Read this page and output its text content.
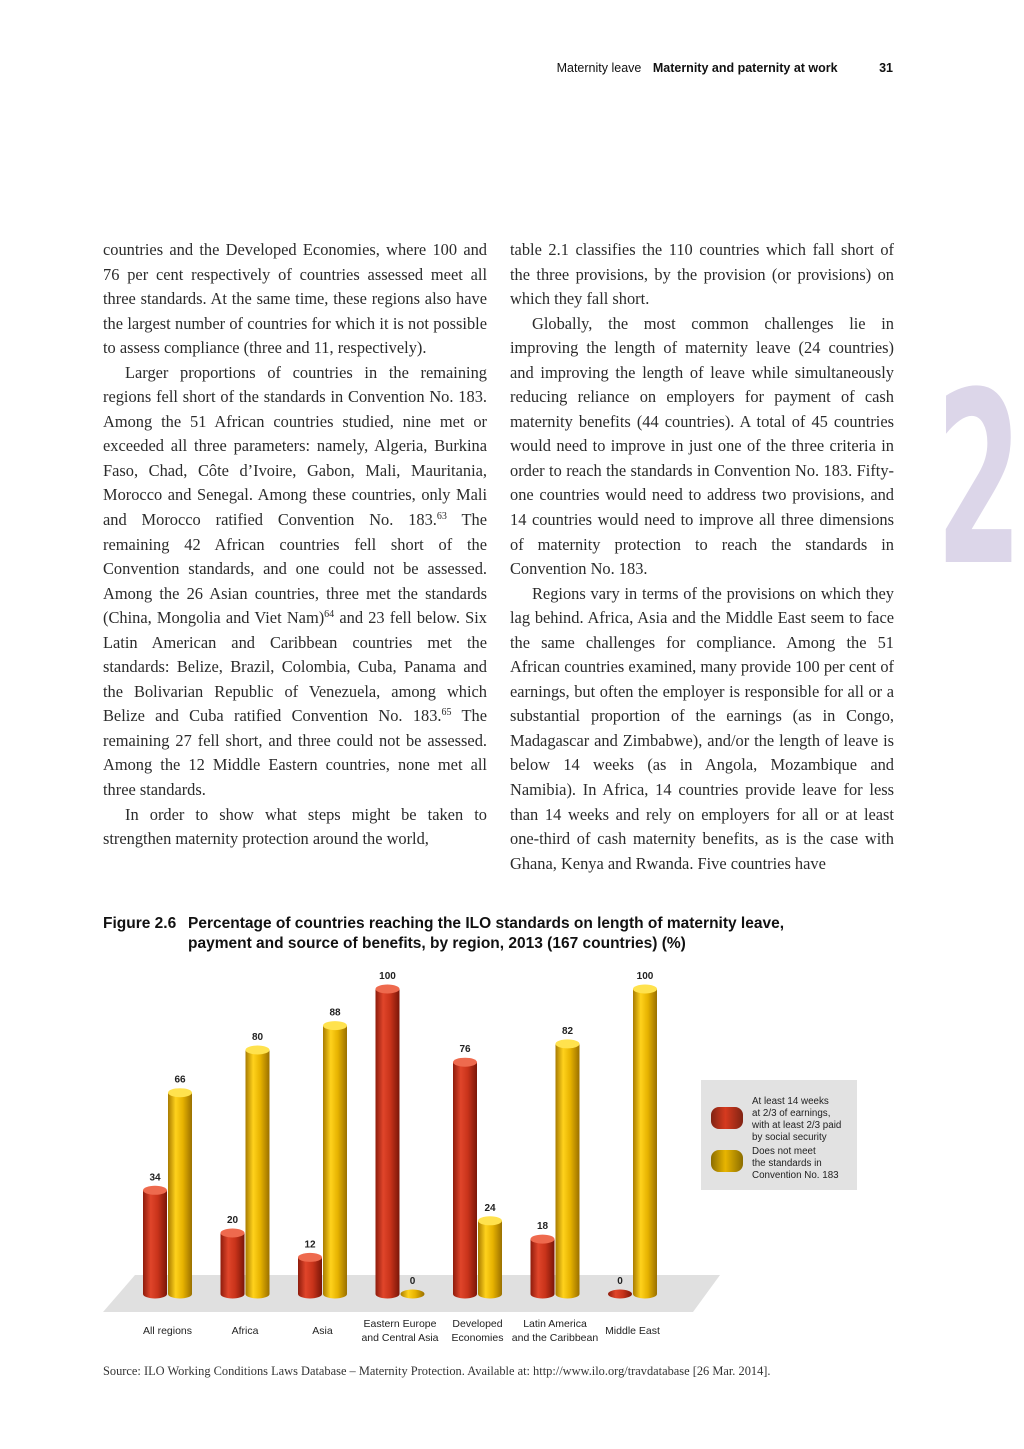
Maternity leave Maternity and paternity at work	31
2

countries and the Developed Economies, where 100 and 76 per cent respectively of countries assessed meet all three standards. At the same time, these regions also have the largest number of countries for which it is not possible to assess compliance (three and 11, respectively).

Larger proportions of countries in the remaining regions fell short of the standards in Convention No. 183. Among the 51 African countries studied, nine met or exceeded all three parameters: namely, Algeria, Burkina Faso, Chad, Côte d’Ivoire, Gabon, Mali, Mauritania, Morocco and Senegal. Among these countries, only Mali and Morocco ratified Convention No. 183.63 The remaining 42 African countries fell short of the Convention standards, and one could not be assessed. Among the 26 Asian countries, three met the standards (China, Mongolia and Viet Nam)$^{64}$ and 23 fell below. Six Latin American and Caribbean countries met the standards: Belize, Brazil, Colombia, Cuba, Panama and the Bolivarian Republic of Venezuela, among which Belize and Cuba ratified Convention No. 183.65 The remaining 27 fell short, and three could not be assessed. Among the 12 Middle Eastern countries, none met all three standards.

In order to show what steps might be taken to strengthen maternity protection around the world,

table 2.1 classifies the 110 countries which fall short of the three provisions, by the provision (or provisions) on which they fall short.

Globally, the most common challenges lie in improving the length of maternity leave (24 countries) and improving the length of leave while simultaneously reducing reliance on employers for payment of cash maternity benefits (44 countries). A total of 45 countries would need to improve in just one of the three criteria in order to reach the standards in Convention No. 183. Fifty-one countries would need to address two provisions, and 14 countries would need to improve all three dimensions of maternity protection to reach the standards in Convention No. 183.

Regions vary in terms of the provisions on which they lag behind. Africa, Asia and the Middle East seem to face the same challenges for compliance. Among the 51 African countries examined, many provide 100 per cent of earnings, but often the employer is responsible for all or a substantial proportion of the earnings (as in Congo, Madagascar and Zimbabwe), and/or the length of leave is below 14 weeks (as in Angola, Mozambique and Namibia). In Africa, 14 countries provide leave for less than 14 weeks and rely on employers for all or at least one-third of cash maternity benefits, as is the case with Ghana, Kenya and Rwanda. Five countries have

Figure 2.6 Percentage of countries reaching the ILO standards on length of maternity leave, payment and source of benefits, by region, 2013 (167 countries) (%)
34
66
All regions
20
80
Africa
12
88
Asia
100
0
Eastern Europe
and Central Asia
76
24
Developed
Economies
18
82
Latin America
and the Caribbean
0
100
Middle East
At least 14 weeks
at 2/3 of earnings,
with at least 2/3 paid
by social security
Does not meet
the standards in
Convention No. 183
Source: ILO Working Conditions Laws Database – Maternity Protection. Available at: http://www.ilo.org/travdatabase [26 Mar. 2014].
